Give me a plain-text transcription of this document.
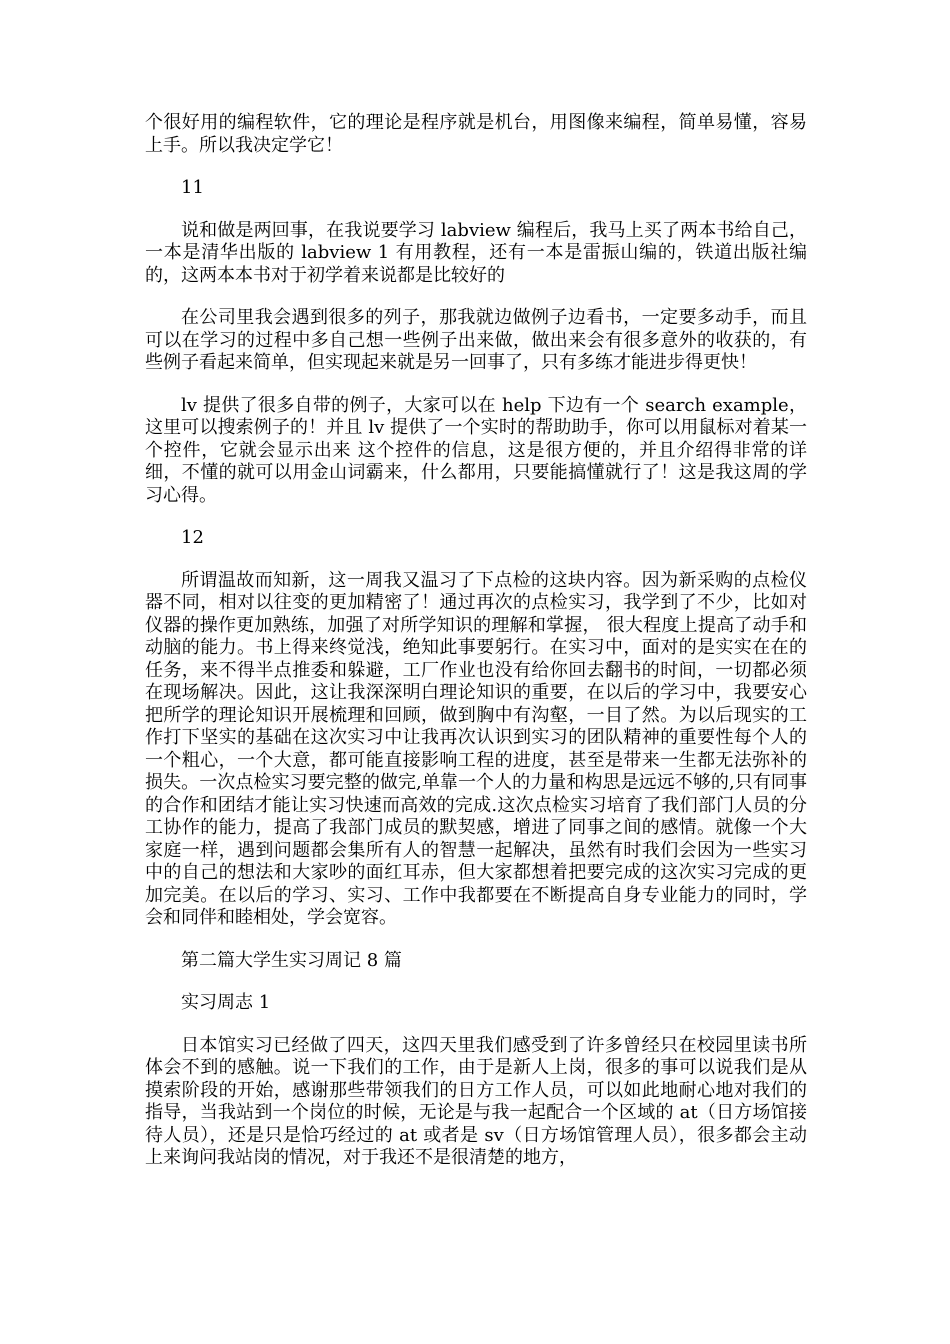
个很好用的编程软件，它的理论是程序就是机台，用图像来编程，简单易懂，容易上手。所以我决定学它！

11

说和做是两回事，在我说要学习 labview 编程后，我马上买了两本书给自己，一本是清华出版的 labview 1 有用教程，还有一本是雷振山编的，铁道出版社编的，这两本本书对于初学着来说都是比较好的

在公司里我会遇到很多的列子，那我就边做例子边看书，一定要多动手，而且可以在学习的过程中多自己想一些例子出来做，做出来会有很多意外的收获的，有些例子看起来简单，但实现起来就是另一回事了，只有多练才能进步得更快！

lv 提供了很多自带的例子，大家可以在 help 下边有一个 search example，这里可以搜索例子的！并且 lv 提供了一个实时的帮助助手，你可以用鼠标对着某一个控件，它就会显示出来 这个控件的信息，这是很方便的，并且介绍得非常的详细，不懂的就可以用金山词霸来，什么都用，只要能搞懂就行了！这是我这周的学习心得。

12

所谓温故而知新，这一周我又温习了下点检的这块内容。因为新采购的点检仪器不同，相对以往变的更加精密了！通过再次的点检实习，我学到了不少，比如对仪器的操作更加熟练，加强了对所学知识的理解和掌握， 很大程度上提高了动手和动脑的能力。书上得来终觉浅，绝知此事要躬行。在实习中，面对的是实实在在的任务，来不得半点推委和躲避，工厂作业也没有给你回去翻书的时间，一切都必须在现场解决。因此，这让我深深明白理论知识的重要，在以后的学习中，我要安心把所学的理论知识开展梳理和回顾，做到胸中有沟壑，一目了然。为以后现实的工作打下坚实的基础在这次实习中让我再次认识到实习的团队精神的重要性每个人的一个粗心，一个大意，都可能直接影响工程的进度，甚至是带来一生都无法弥补的损失。一次点检实习要完整的做完,单靠一个人的力量和构思是远远不够的,只有同事的合作和团结才能让实习快速而高效的完成.这次点检实习培育了我们部门人员的分工协作的能力，提高了我部门成员的默契感，增进了同事之间的感情。就像一个大家庭一样，遇到问题都会集所有人的智慧一起解决，虽然有时我们会因为一些实习中的自己的想法和大家吵的面红耳赤，但大家都想着把要完成的这次实习完成的更加完美。在以后的学习、实习、工作中我都要在不断提高自身专业能力的同时，学会和同伴和睦相处，学会宽容。

第二篇大学生实习周记 8 篇

实习周志 1

日本馆实习已经做了四天，这四天里我们感受到了许多曾经只在校园里读书所体会不到的感触。说一下我们的工作，由于是新人上岗，很多的事可以说我们是从摸索阶段的开始，感谢那些带领我们的日方工作人员，可以如此地耐心地对我们的指导，当我站到一个岗位的时候，无论是与我一起配合一个区域的 at（日方场馆接待人员），还是只是恰巧经过的 at 或者是 sv（日方场馆管理人员），很多都会主动上来询问我站岗的情况，对于我还不是很清楚的地方，
